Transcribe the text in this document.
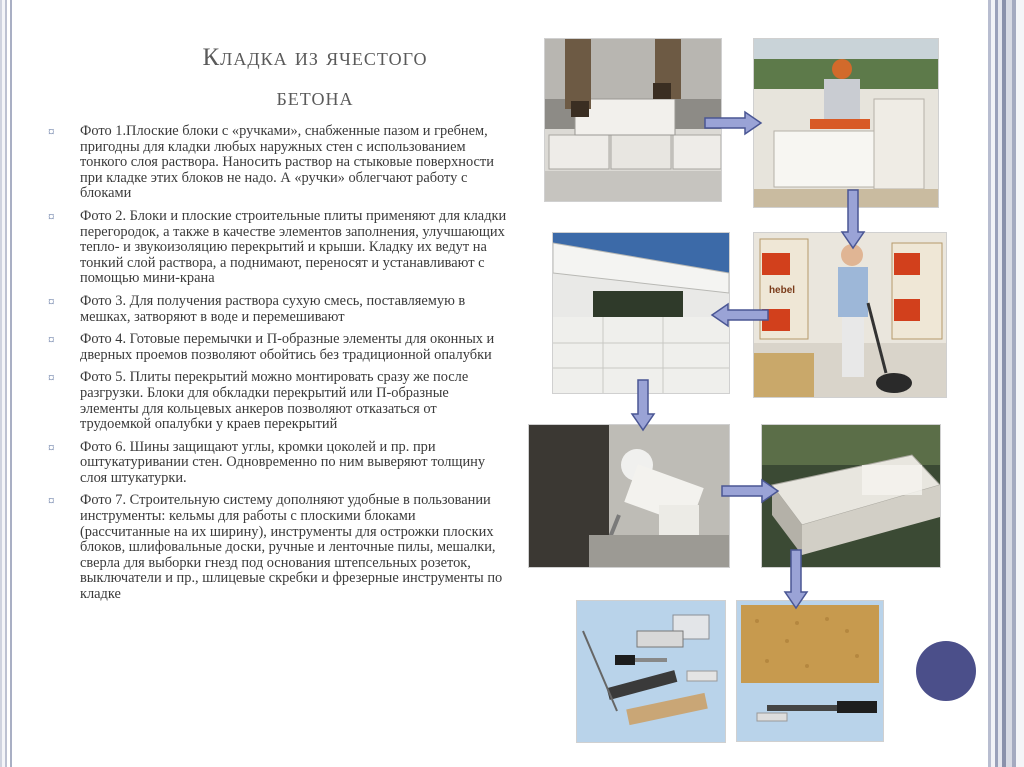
Кладка из ячестого
бетона
¤ Фото 1.Плоские блоки с «ручками», снабженные пазом и гребнем, пригодны для кладки любых наружных стен с использованием тонкого слоя раствора. Наносить раствор на стыковые поверхности при кладке этих блоков не надо. А «ручки» облегчают работу с блоками
¤ Фото 2. Блоки и плоские строительные плиты применяют для кладки перегородок, а также в качестве элементов заполнения, улучшающих тепло- и звукоизоляцию перекрытий и крыши. Кладку их ведут на тонкий слой раствора, а поднимают, переносят и устанавливают с помощью мини-крана
¤ Фото 3. Для получения раствора сухую смесь, поставляемую в мешках, затворяют в воде и перемешивают
¤ Фото 4. Готовые перемычки и П-образные элементы для оконных и дверных проемов позволяют обойтись без традиционной опалубки
¤ Фото 5. Плиты перекрытий можно монтировать сразу же после разгрузки. Блоки для обкладки перекрытий или П-образные элементы для кольцевых анкеров позволяют отказаться от трудоемкой опалубки у краев перекрытий
¤ Фото 6. Шины защищают углы, кромки цоколей и пр. при оштукатуривании стен. Одновременно по ним выверяют толщину слоя штукатурки.
¤ Фото 7. Строительную систему дополняют удобные в пользовании инструменты: кельмы для работы с плоскими блоками (рассчитанные на их ширину), инструменты для острожки плоских блоков, шлифовальные доски, ручные и ленточные пилы, мешалки, сверла для выборки гнезд под основания штепсельных розеток, выключатели и пр., шлицевые скребки и фрезерные инструменты по кладке
hebel
